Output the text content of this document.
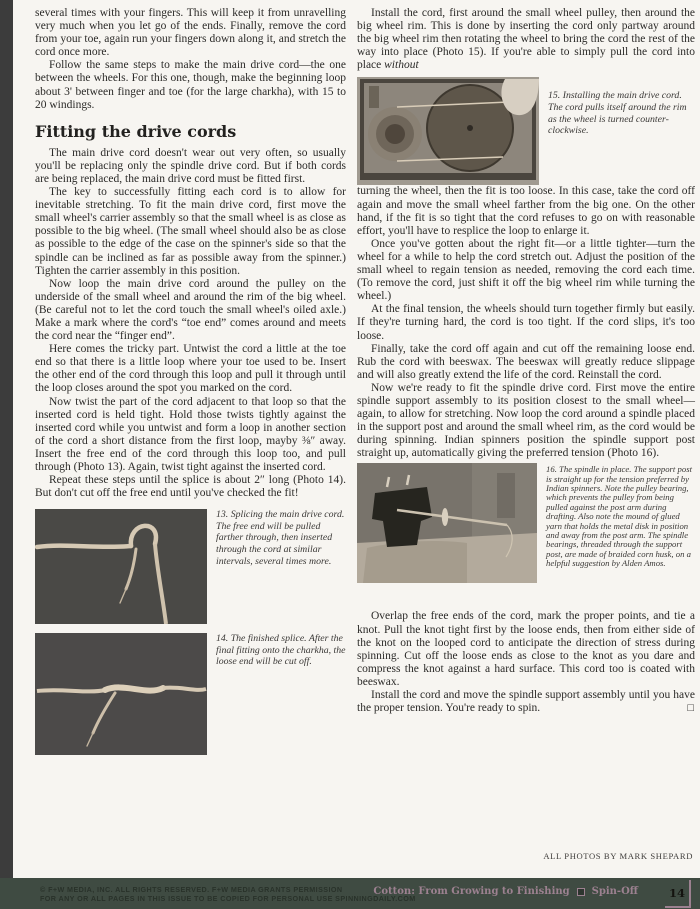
several times with your fingers. This will keep it from unravelling very much when you let go of the ends. Finally, remove the cord from your toe, again run your fingers down along it, and stretch the cord once more.

Follow the same steps to make the main drive cord—the one between the wheels. For this one, though, make the beginning loop about 3' between finger and toe (for the large charkha), with 15 to 20 windings.

Fitting the drive cords

The main drive cord doesn't wear out very often, so usually you'll be replacing only the spindle drive cord. But if both cords are being replaced, the main drive cord must be fitted first.

The key to successfully fitting each cord is to allow for inevitable stretching. To fit the main drive cord, first move the small wheel's carrier assembly so that the small wheel is as close as possible to the big wheel. (The small wheel should also be as close as possible to the edge of the case on the spinner's side so that the spindle can be inclined as far as possible away from the spinner.) Tighten the carrier assembly in this position.

Now loop the main drive cord around the pulley on the underside of the small wheel and around the rim of the big wheel. (Be careful not to let the cord touch the small wheel's oiled axle.) Make a mark where the cord's “toe end” comes around and meets the cord near the “finger end”.

Here comes the tricky part. Untwist the cord a little at the toe end so that there is a little loop where your toe used to be. Insert the other end of the cord through this loop and pull it through until the loop closes around the spot you marked on the cord.

Now twist the part of the cord adjacent to that loop so that the inserted cord is held tight. Hold those twists tightly against the inserted cord while you untwist and form a loop in another section of the cord a short distance from the first loop, mayby ⅜″ away. Insert the free end of the cord through this loop too, and pull through (Photo 13). Again, twist tight against the inserted cord.

Repeat these steps until the splice is about 2″ long (Photo 14). But don't cut off the free end until you've checked the fit!

13. Splicing the main drive cord. The free end will be pulled farther through, then inserted through the cord at similar intervals, several times more.
14. The finished splice. After the final fitting onto the charkha, the loose end will be cut off.

Install the cord, first around the small wheel pulley, then around the big wheel rim. This is done by inserting the cord only partway around the big wheel rim then rotating the wheel to bring the cord the rest of the way into place (Photo 15). If you're able to simply pull the cord into place without

15. Installing the main drive cord. The cord pulls itself around the rim as the wheel is turned counter-clockwise.

turning the wheel, then the fit is too loose. In this case, take the cord off again and move the small wheel farther from the big one. On the other hand, if the fit is so tight that the cord refuses to go on with reasonable effort, you'll have to resplice the loop to enlarge it.

Once you've gotten about the right fit—or a little tighter—turn the wheel for a while to help the cord stretch out. Adjust the position of the small wheel to regain tension as needed, removing the cord each time. (To remove the cord, just shift it off the big wheel rim while turning the wheel.)

At the final tension, the wheels should turn together firmly but easily. If they're turning hard, the cord is too tight. If the cord slips, it's too loose.

Finally, take the cord off again and cut off the remaining loose end. Rub the cord with beeswax. The beeswax will greatly reduce slippage and will also greatly extend the life of the cord. Reinstall the cord.

Now we're ready to fit the spindle drive cord. First move the entire spindle support assembly to its position closest to the small wheel—again, to allow for stretching. Now loop the cord around a spindle placed in the support post and around the small wheel rim, as the cord would be during spinning. Indian spinners position the spindle support post straight up, automatically giving the preferred tension (Photo 16).

16. The spindle in place. The support post is straight up for the tension preferred by Indian spinners. Note the pulley bearing, which prevents the pulley from being pulled against the post arm during drafting. Also note the mound of glued yarn that holds the metal disk in position and away from the post arm. The spindle bearings, threaded through the support post, are made of braided corn husk, on a helpful suggestion by Alden Amos.

Overlap the free ends of the cord, mark the proper points, and tie a knot. Pull the knot tight first by the loose ends, then from either side of the knot on the looped cord to anticipate the direction of stress during spinning. Cut off the loose ends as close to the knot as you dare and compress the knot against a hard surface. This cord too is coated with beeswax.

Install the cord and move the spindle support assembly until you have the proper tension. You're ready to spin.	□

ALL PHOTOS BY MARK SHEPARD
© F+W MEDIA, INC. ALL RIGHTS RESERVED. F+W MEDIA GRANTS PERMISSION
FOR ANY OR ALL PAGES IN THIS ISSUE TO BE COPIED FOR PERSONAL USE SPINNINGDAILY.COM
Cotton: From Growing to Finishing Spin-Off	14
